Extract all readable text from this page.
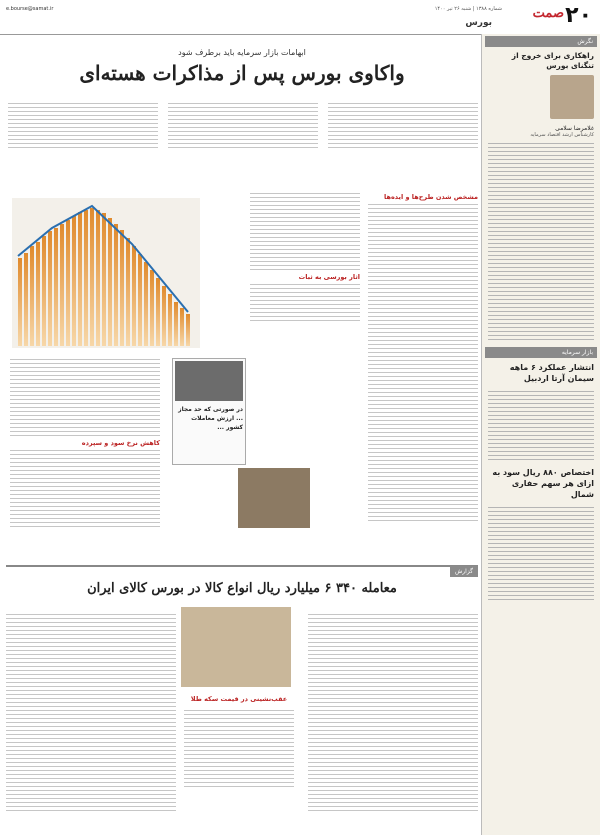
۲۰
صمت
شماره ۱۳۸۸ | شنبه ۲۶ تیر ۱۴۰۰
e.bourse@samat.ir
بورس
نگرش
راهکاری برای خروج از تنگنای بورس
غلامرضا سلامی
کارشناس ارشد اقتصاد سرمایه
بازار سرمایه
انتشار عملکرد ۶ ماهه سیمان آرتا اردبیل
اختصاص ۸۸۰ ریال سود به ازای هر سهم حفاری شمال
ابهامات بازار سرمایه باید برطرف شود
واکاوی بورس پس از مذاکرات هسته‌ای
مشخص شدن طرح‌ها و ایده‌ها
اثار بورسی به ثبات
در صورتی که حد مجاز ... ارزش معاملات کشور ...
کاهش نرخ سود و سپرده
گزارش
معامله ۳۴۰ ۶ میلیارد ریال انواع کالا در بورس کالای ایران
عقب‌نشینی در قیمت سکه طلا
